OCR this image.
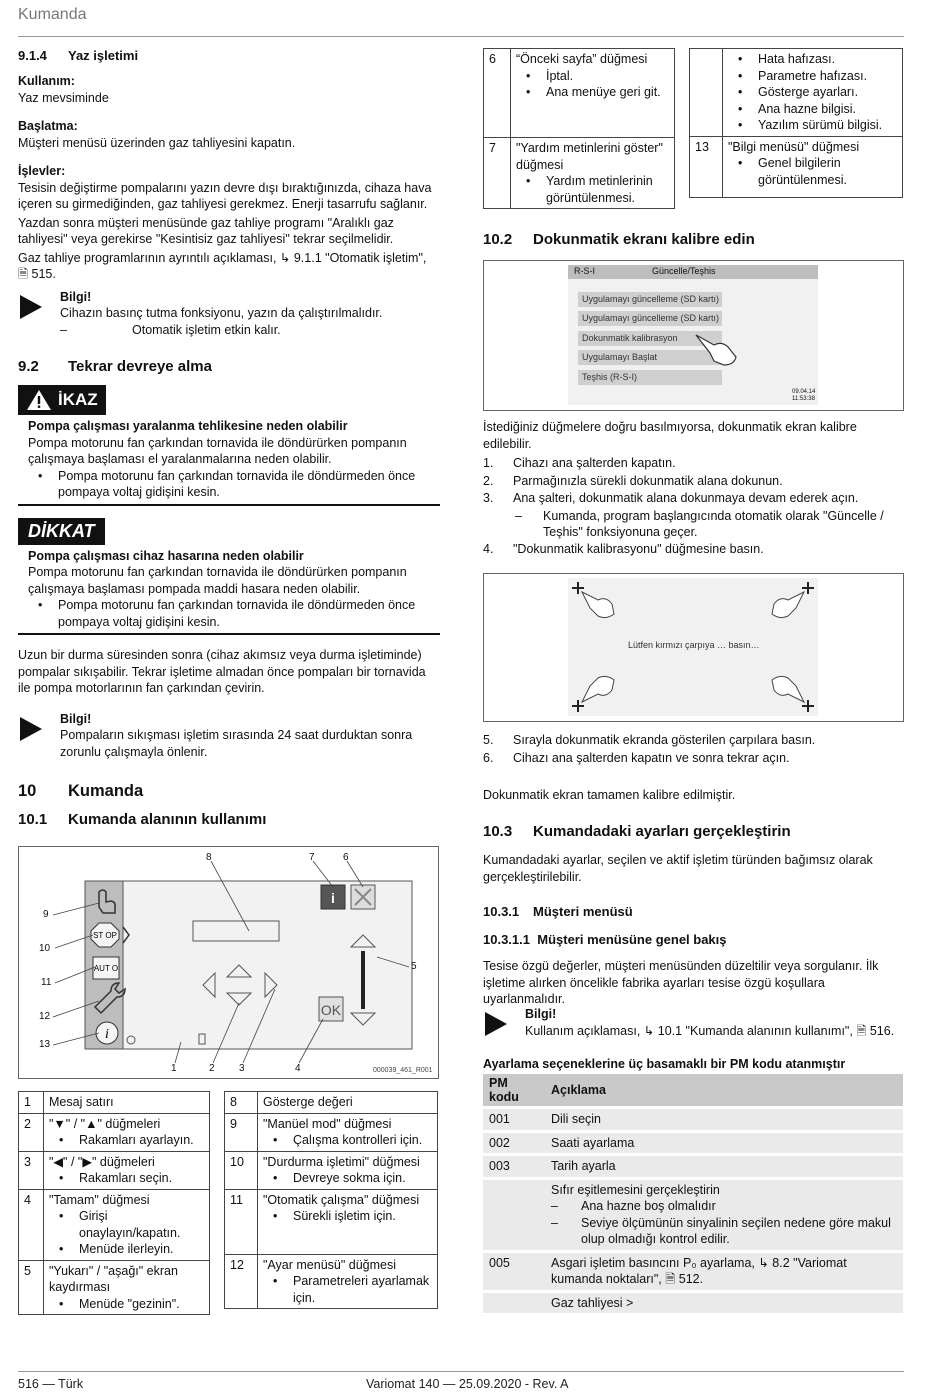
Kumanda
516 — Türk	Variomat 140 — 25.09.2020 - Rev. A
9.1.4 Yaz işletimi

Kullanım:

Yaz mevsiminde

Başlatma:

Müşteri menüsü üzerinden gaz tahliyesini kapatın.

İşlevler:

Tesisin değiştirme pompalarını yazın devre dışı bıraktığınızda, cihaza hava içeren su girmediğinden, gaz tahliyesi gerekmez. Enerji tasarrufu sağlanır.

Yazdan sonra müşteri menüsünde gaz tahliye programı "Aralıklı gaz tahliyesi" veya gerekirse "Kesintisiz gaz tahliyesi" tekrar seçilmelidir.

Gaz tahliye programlarının ayrıntılı açıklaması, ↳ 9.1.1 "Otomatik işletim",
🗎 515.

Bilgi!

Cihazın basınç tutma fonksiyonu, yazın da çalıştırılmalıdır.

–	Otomatik işletim etkin kalır.
9.2 Tekrar devreye alma
İKAZ

Pompa çalışması yaralanma tehlikesine neden olabilir

Pompa motorunu fan çarkından tornavida ile döndürürken pompanın çalışmaya başlaması el yaralanmalarına neden olabilir.

• Pompa motorunu fan çarkından tornavida ile döndürmeden önce pompaya voltaj gidişini kesin.
DİKKAT

Pompa çalışması cihaz hasarına neden olabilir

Pompa motorunu fan çarkından tornavida ile döndürürken pompanın çalışmaya başlaması pompada maddi hasara neden olabilir.

• Pompa motorunu fan çarkından tornavida ile döndürmeden önce pompaya voltaj gidişini kesin.

Uzun bir durma süresinden sonra (cihaz akımsız veya durma işletiminde) pompalar sıkışabilir. Tekrar işletime almadan önce pompaları bir tornavida ile pompa motorlarının fan çarkından çevirin.

Bilgi!

Pompaların sıkışması işletim sırasında 24 saat durduktan sonra zorunlu çalışmayla önlenir.

10 Kumanda
10.1 Kumanda alanının kullanımı
ST OP
AUT O
i
OK
i
8	7	6
9
10
11
12
13
5
1	2 3	4	000039_461_R001
1	Mesaj satırı
2	"▼" / "▲" düğmeleri
• Rakamları ayarlayın.

3	"◀" / "▶" düğmeleri
• Rakamları seçin.

4	"Tamam" düğmesi
• Girişi onaylayın/kapatın.
• Menüde ilerleyin.

5	"Yukarı" / "aşağı" ekran kaydırması
• Menüde "gezinin".
8	Gösterge değeri
9	"Manüel mod" düğmesi
• Çalışma kontrolleri için.

10	"Durdurma işletimi" düğmesi
• Devreye sokma için.

11	"Otomatik çalışma" düğmesi
• Sürekli işletim için.

12	"Ayar menüsü" düğmesi
• Parametreleri ayarlamak için.
6	“Önceki sayfa” düğmesi
• İptal.
• Ana menüye geri git.

7	"Yardım metinlerini göster" düğmesi
• Yardım metinlerinin görüntülenmesi.

	• Hata hafızası.
• Parametre hafızası.
• Gösterge ayarları.
• Ana hazne bilgisi.
• Yazılım sürümü bilgisi.

13	"Bilgi menüsü" düğmesi
• Genel bilgilerin görüntülenmesi.
10.2 Dokunmatik ekranı kalibre edin
R-S-I	Güncelle/Teşhis
09.04.14
11:53:38
Uygulamayı güncelleme (SD kartı)
Uygulamayı güncelleme (SD kartı)
Dokunmatik kalibrasyon
Uygulamayı Başlat
Teşhis (R-S-I)

İstediğiniz düğmelere doğru basılmıyorsa, dokunmatik ekran kalibre edilebilir.

1. Cihazı ana şalterden kapatın.
2. Parmağınızla sürekli dokunmatik alana dokunun.
3. Ana şalteri, dokunmatik alana dokunmaya devam ederek açın.
– Kumanda, program başlangıcında otomatik olarak "Güncelle / Teşhis" fonksiyonuna geçer.
4. "Dokunmatik kalibrasyonu" düğmesine basın.
Lütfen kırmızı çarpıya … basın…
5. Sırayla dokunmatik ekranda gösterilen çarpılara basın.
6. Cihazı ana şalterden kapatın ve sonra tekrar açın.

Dokunmatik ekran tamamen kalibre edilmiştir.

10.3 Kumandadaki ayarları gerçekleştirin

Kumandadaki ayarlar, seçilen ve aktif işletim türünden bağımsız olarak gerçekleştirilebilir.

10.3.1 Müşteri menüsü
10.3.1.1 Müşteri menüsüne genel bakış

Tesise özgü değerler, müşteri menüsünden düzeltilir veya sorgulanır. İlk işletime alırken öncelikle fabrika ayarları tesise özgü koşullara uyarlanmalıdır.

Bilgi!

Kullanım açıklaması, ↳ 10.1 "Kumanda alanının kullanımı", 🗎 516.

Ayarlama seçeneklerine üç basamaklı bir PM kodu atanmıştır

PM kodu	Açıklama
001	Dili seçin
002	Saati ayarlama
003	Tarih ayarla

	Sıfır eşitlemesini gerçekleştirin
– Ana hazne boş olmalıdır
– Seviye ölçümünün sinyalinin seçilen nedene göre makul olup olmadığı kontrol edilir.

005	Asgari işletim basıncını P₀ ayarlama, ↳ 8.2 "Variomat kumanda noktaları", 🗎 512.
	Gaz tahliyesi >
